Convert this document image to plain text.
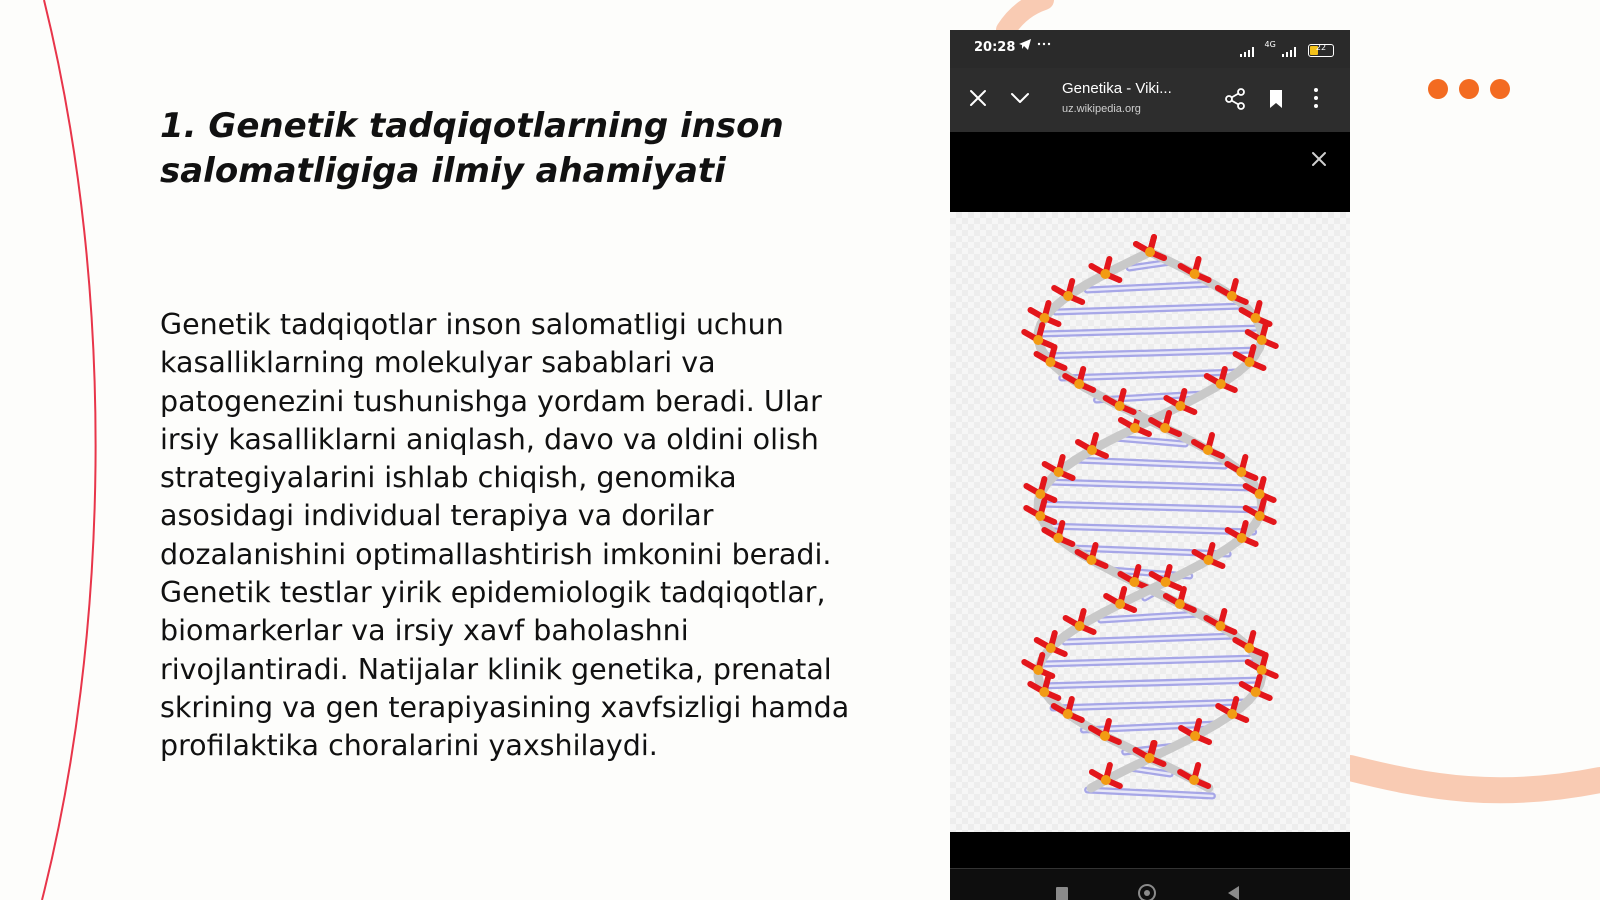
1. Genetik tadqiqotlarning inson salomatligiga ilmiy ahamiyati

Genetik tadqiqotlar inson salomatligi uchun kasalliklarning molekulyar sabablari va patogenezini tushunishga yordam beradi. Ular irsiy kasalliklarni aniqlash, davo va oldini olish strategiyalarini ishlab chiqish, genomika asosidagi individual terapiya va dorilar dozalanishini optimallashtirish imkonini beradi. Genetik testlar yirik epidemiologik tadqiqotlar, biomarkerlar va irsiy xavf baholashni rivojlantiradi. Natijalar klinik genetika, prenatal skrining va gen terapiyasining xavfsizligi hamda profilaktika choralarini yaxshilaydi.

20:28	$^{4G}$	22
Genetika - Viki...
uz.wikipedia.org
